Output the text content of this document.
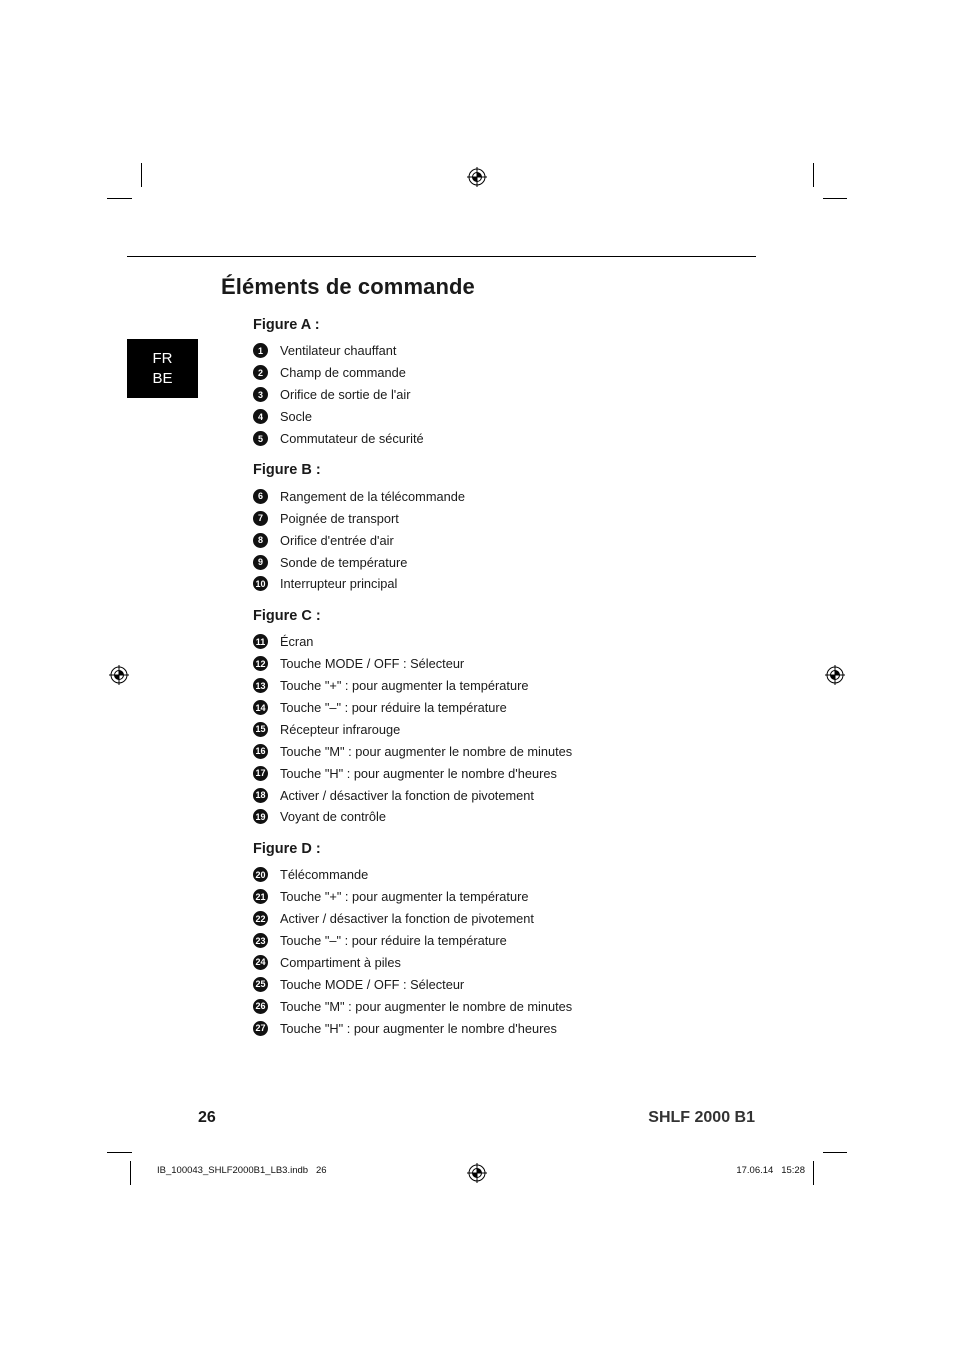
Éléments de commande
FR
BE
Figure A :
1	Ventilateur chauffant
2	Champ de commande
3	Orifice de sortie de l'air
4	Socle
5	Commutateur de sécurité
Figure B :
6	Rangement de la télécommande
7	Poignée de transport
8	Orifice d'entrée d'air
9	Sonde de température
10 Interrupteur principal
Figure C :
11 Écran
12 Touche MODE / OFF : Sélecteur
13 Touche "+" : pour augmenter la température
14 Touche "–" : pour réduire la température
15 Récepteur infrarouge
16 Touche "M" : pour augmenter le nombre de minutes
17 Touche "H" : pour augmenter le nombre d'heures
18 Activer / désactiver la fonction de pivotement
19 Voyant de contrôle
Figure D :
20 Télécommande
21 Touche "+" : pour augmenter la température
22 Activer / désactiver la fonction de pivotement
23 Touche "–" : pour réduire la température
24 Compartiment à piles
25 Touche MODE / OFF : Sélecteur
26 Touche "M" : pour augmenter le nombre de minutes
27 Touche "H" : pour augmenter le nombre d'heures
26	SHLF 2000 B1
IB_100043_SHLF2000B1_LB3.indb   26	17.06.14   15:28
